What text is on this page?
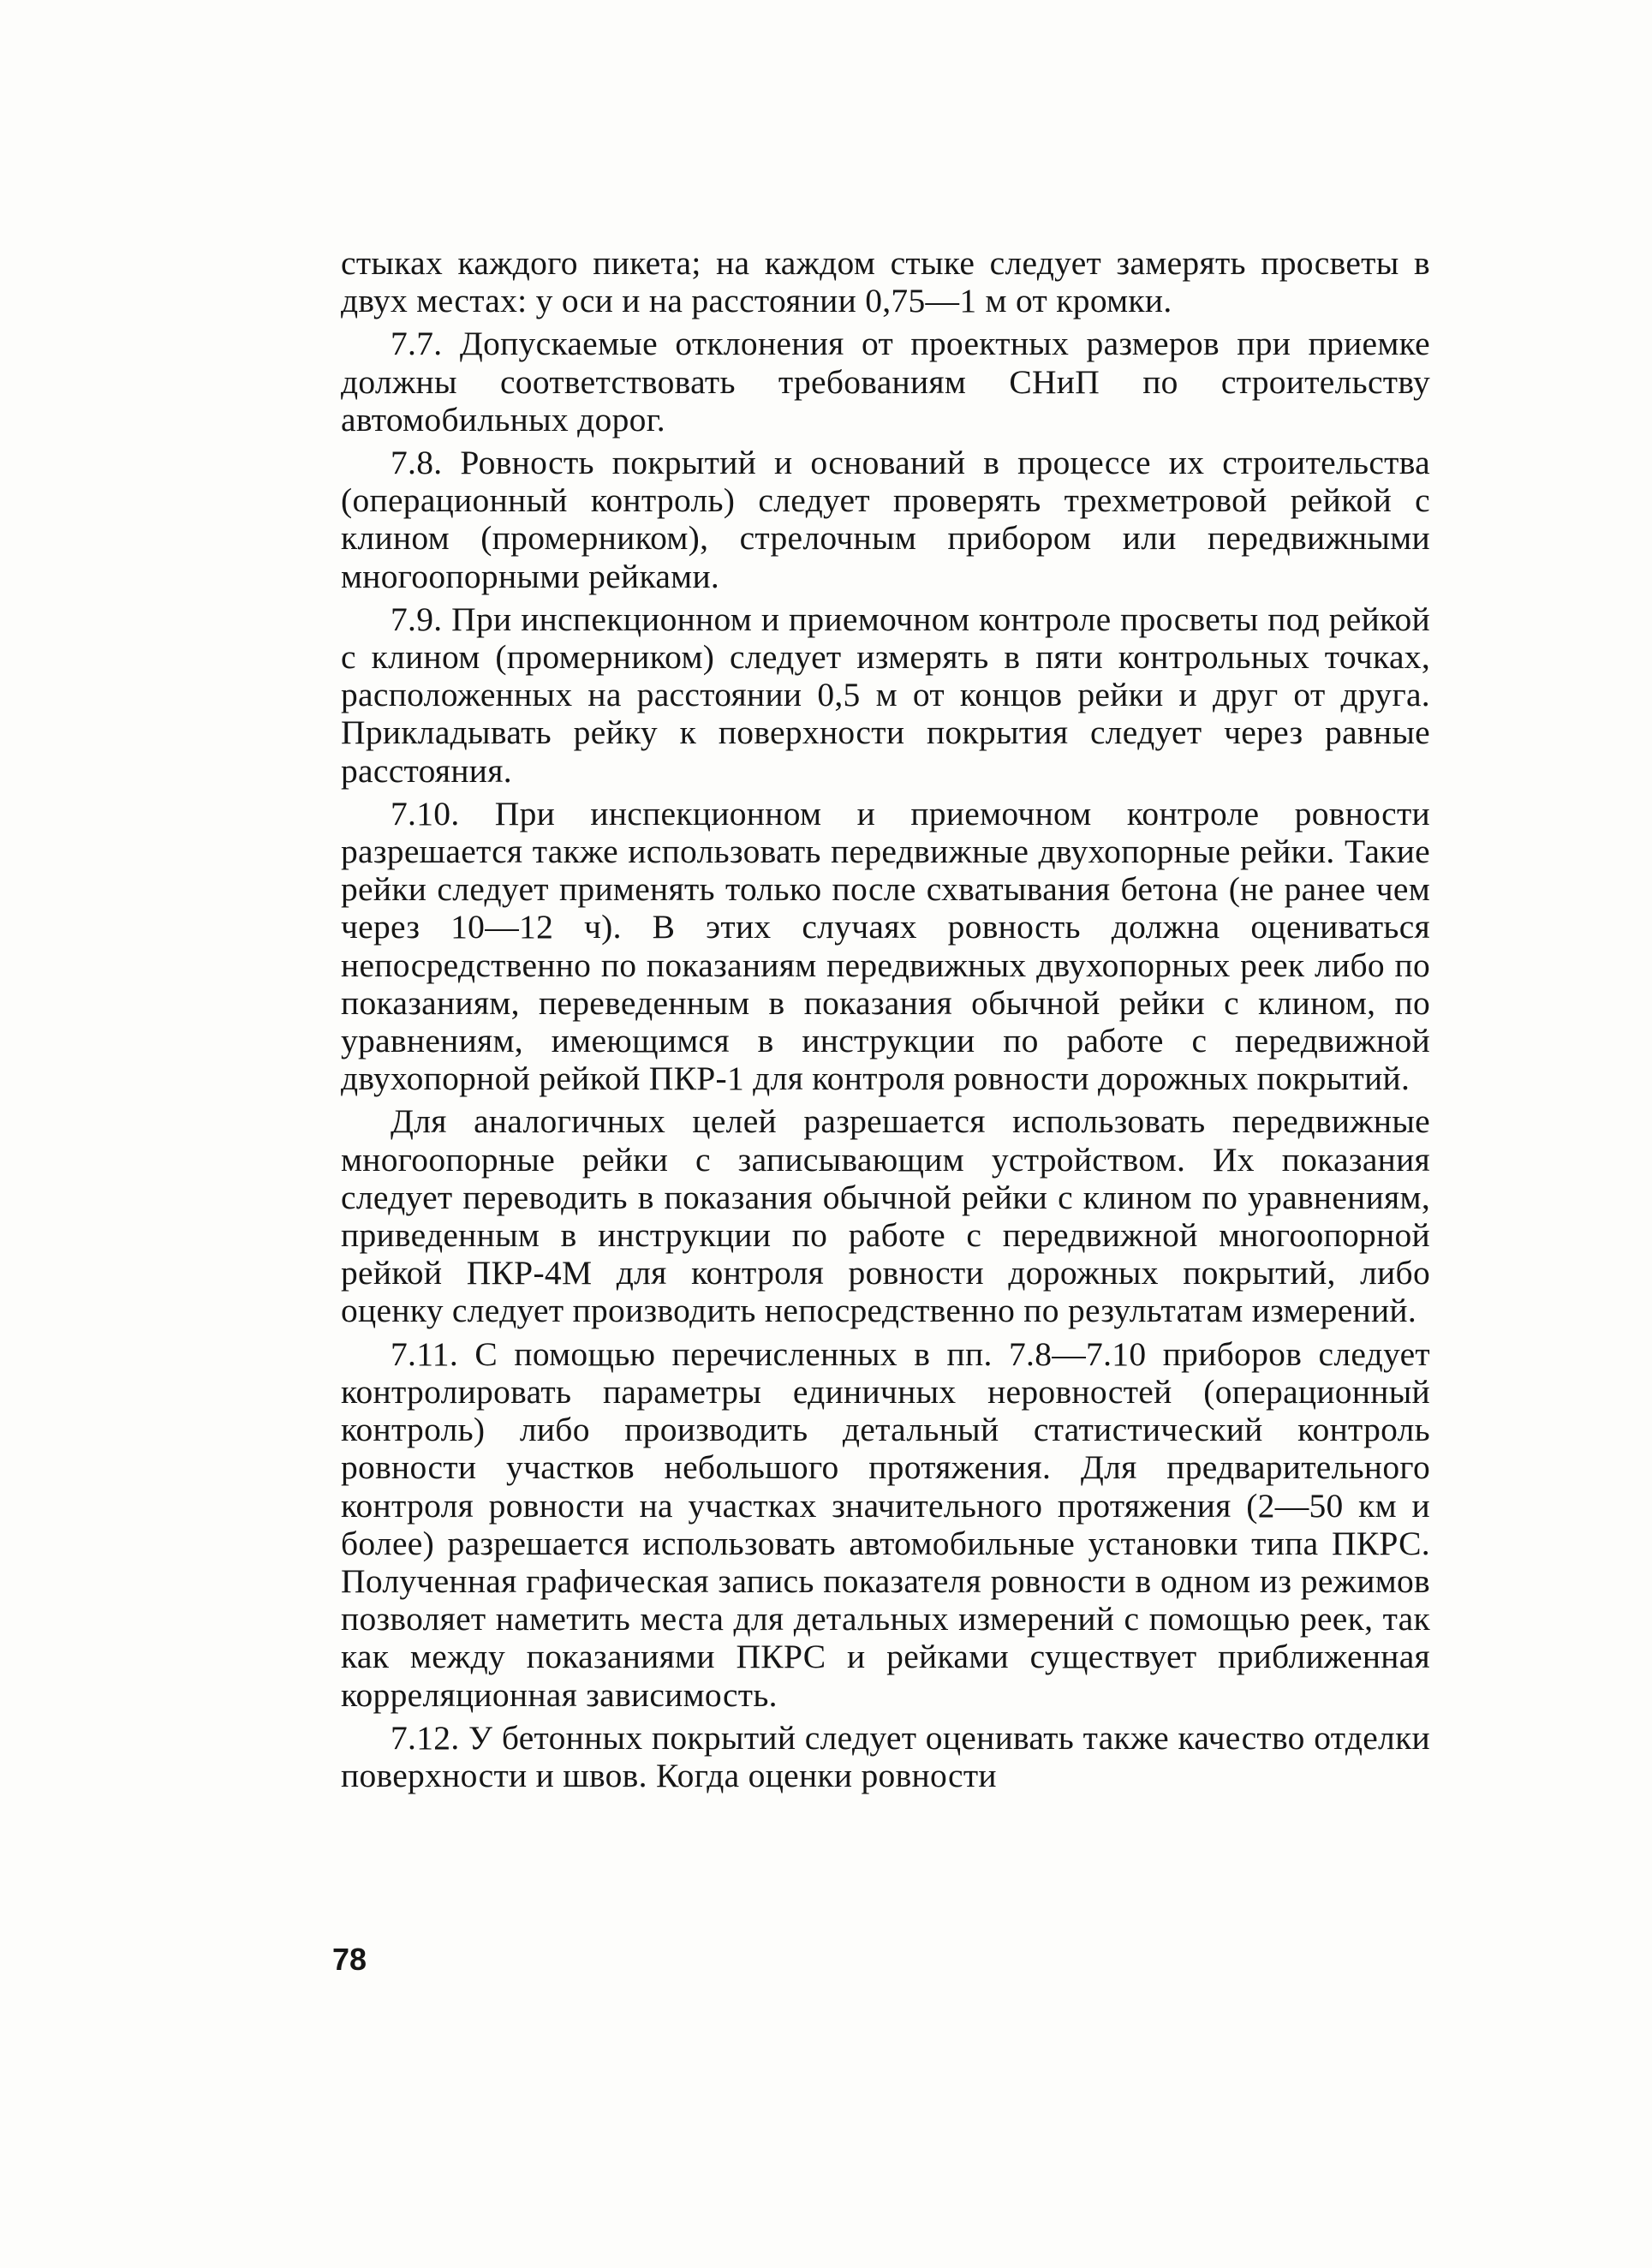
стыках каждого пикета; на каждом стыке следует замерять просветы в двух местах: у оси и на расстоянии 0,75—1 м от кромки.

7.7. Допускаемые отклонения от проектных размеров при приемке должны соответствовать требованиям СНиП по строительству автомобильных дорог.

7.8. Ровность покрытий и оснований в процессе их строительства (операционный контроль) следует проверять трехметровой рейкой с клином (промерником), стрелочным прибором или передвижными многоопорными рейками.

7.9. При инспекционном и приемочном контроле просветы под рейкой с клином (промерником) следует измерять в пяти контрольных точках, расположенных на расстоянии 0,5 м от концов рейки и друг от друга. Прикладывать рейку к поверхности покрытия следует через равные расстояния.

7.10. При инспекционном и приемочном контроле ровности разрешается также использовать передвижные двухопорные рейки. Такие рейки следует применять только после схватывания бетона (не ранее чем через 10—12 ч). В этих случаях ровность должна оцениваться непосредственно по показаниям передвижных двухопорных реек либо по показаниям, переведенным в показания обычной рейки с клином, по уравнениям, имеющимся в инструкции по работе с передвижной двухопорной рейкой ПКР-1 для контроля ровности дорожных покрытий.

Для аналогичных целей разрешается использовать передвижные многоопорные рейки с записывающим устройством. Их показания следует переводить в показания обычной рейки с клином по уравнениям, приведенным в инструкции по работе с передвижной многоопорной рейкой ПКР-4М для контроля ровности дорожных покрытий, либо оценку следует производить непосредственно по результатам измерений.

7.11. С помощью перечисленных в пп. 7.8—7.10 приборов следует контролировать параметры единичных неровностей (операционный контроль) либо производить детальный статистический контроль ровности участков небольшого протяжения. Для предварительного контроля ровности на участках значительного протяжения (2—50 км и более) разрешается использовать автомобильные установки типа ПКРС. Полученная графическая запись показателя ровности в одном из режимов позволяет наметить места для детальных измерений с помощью реек, так как между показаниями ПКРС и рейками существует приближенная корреляционная зависимость.

7.12. У бетонных покрытий следует оценивать также качество отделки поверхности и швов. Когда оценки ровности

78
